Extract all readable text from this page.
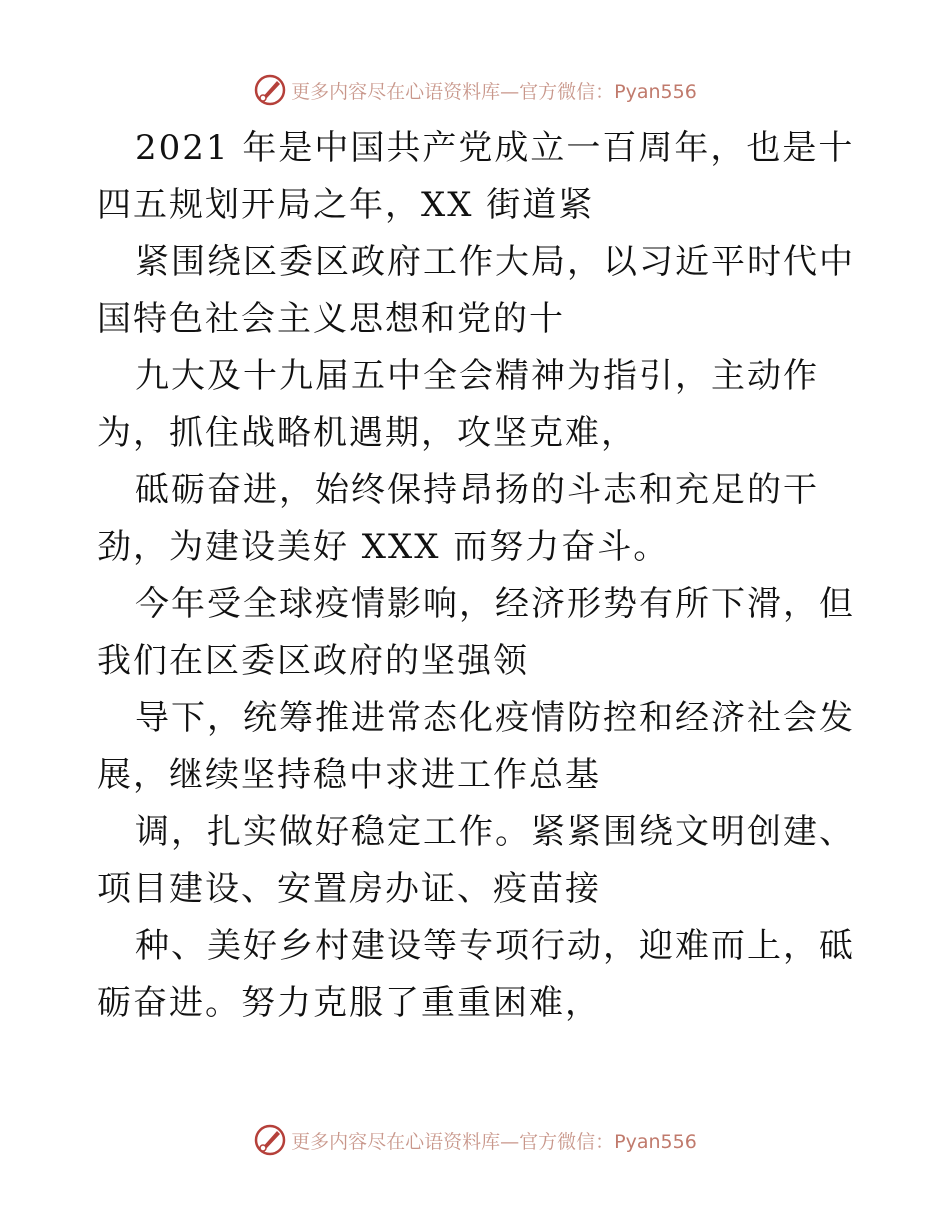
更多内容尽在心语资料库—官方微信：Pyan556

2021 年是中国共产党成立一百周年，也是十四五规划开局之年，XX 街道紧

紧围绕区委区政府工作大局，以习近平时代中国特色社会主义思想和党的十

九大及十九届五中全会精神为指引，主动作为，抓住战略机遇期，攻坚克难，

砥砺奋进，始终保持昂扬的斗志和充足的干劲，为建设美好 XXX 而努力奋斗。

今年受全球疫情影响，经济形势有所下滑，但我们在区委区政府的坚强领

导下，统筹推进常态化疫情防控和经济社会发展，继续坚持稳中求进工作总基

调，扎实做好稳定工作。紧紧围绕文明创建、项目建设、安置房办证、疫苗接

种、美好乡村建设等专项行动，迎难而上，砥砺奋进。努力克服了重重困难，

更多内容尽在心语资料库—官方微信：Pyan556
